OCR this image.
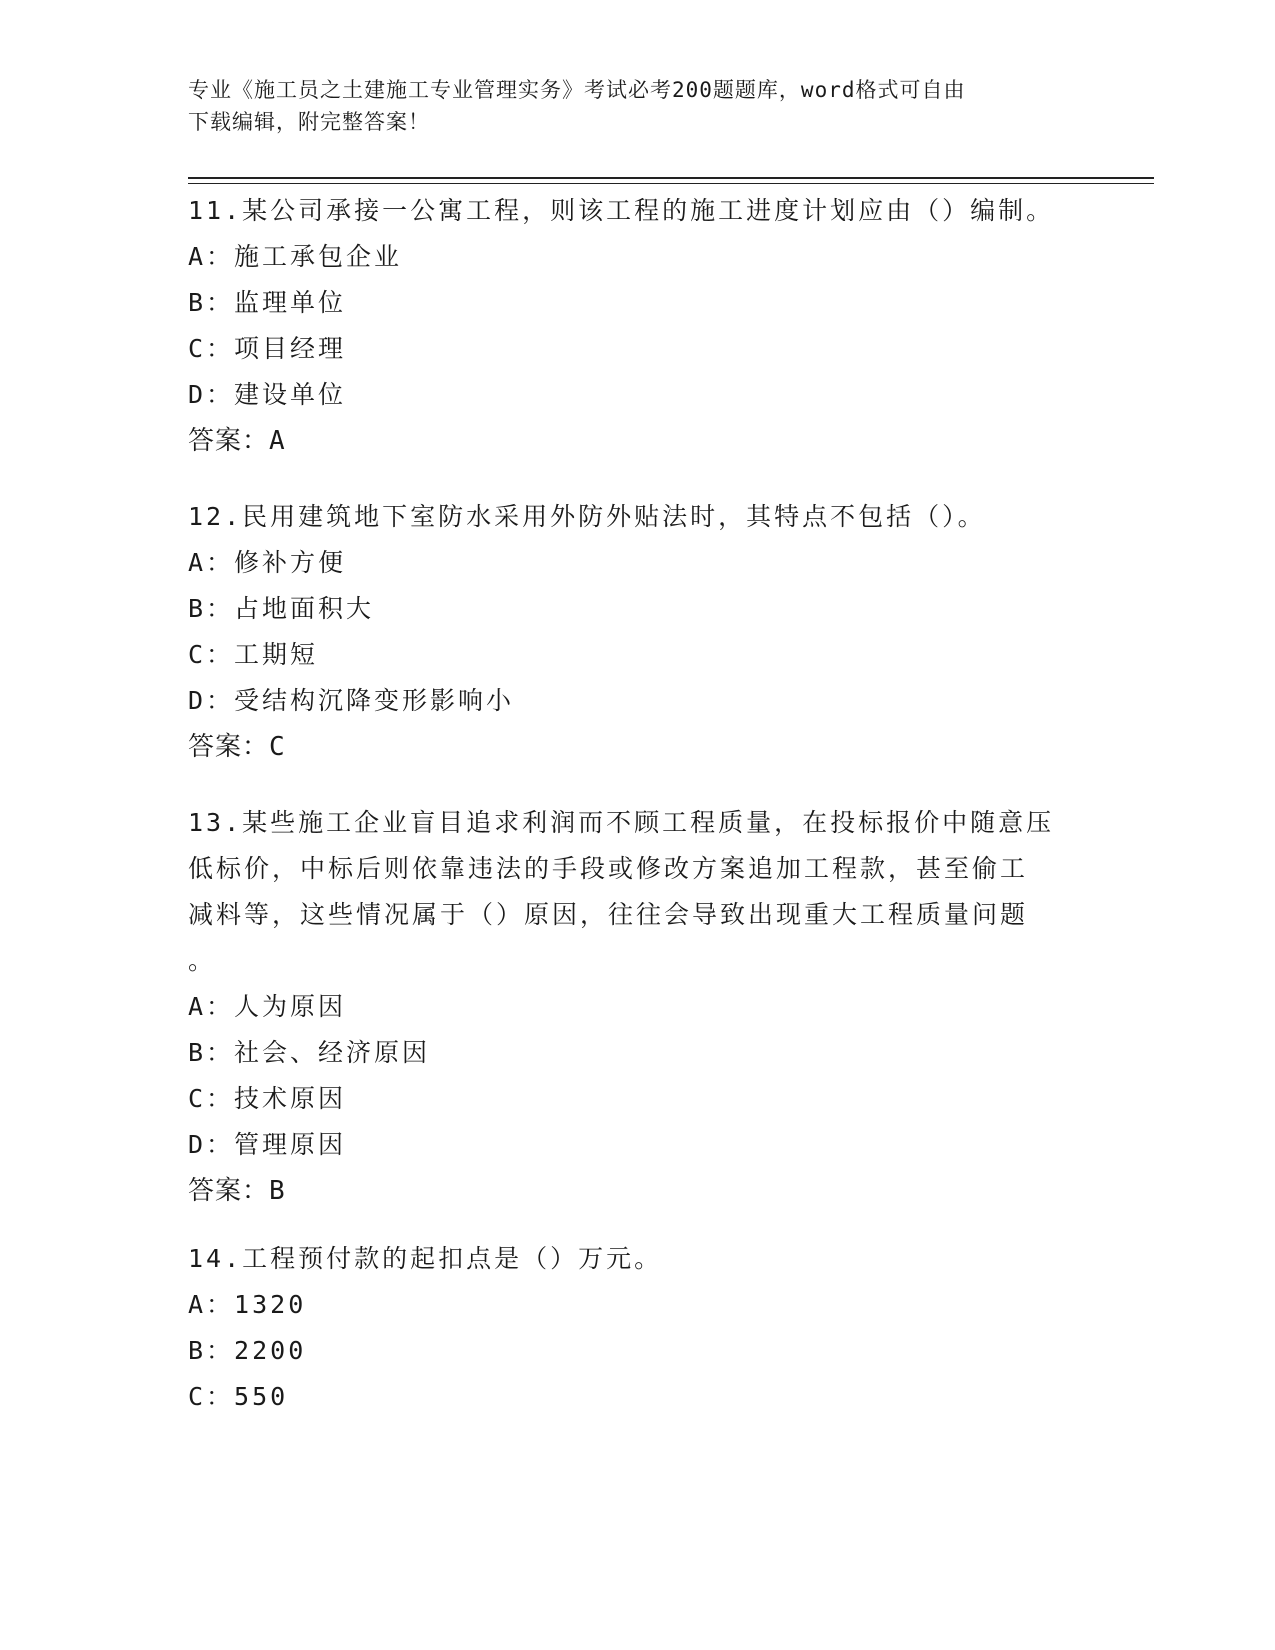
专业《施工员之土建施工专业管理实务》考试必考200题题库，word格式可自由
下载编辑，附完整答案！
11.某公司承接一公寓工程，则该工程的施工进度计划应由（）编制。
A：施工承包企业
B：监理单位
C：项目经理
D：建设单位
答案：A
12.民用建筑地下室防水采用外防外贴法时，其特点不包括（）。
A：修补方便
B：占地面积大
C：工期短
D：受结构沉降变形影响小
答案：C
13.某些施工企业盲目追求利润而不顾工程质量，在投标报价中随意压
低标价，中标后则依靠违法的手段或修改方案追加工程款，甚至偷工
减料等，这些情况属于（）原因，往往会导致出现重大工程质量问题
。
A：人为原因
B：社会、经济原因
C：技术原因
D：管理原因
答案：B
14.工程预付款的起扣点是（）万元。
A：1320
B：2200
C：550
